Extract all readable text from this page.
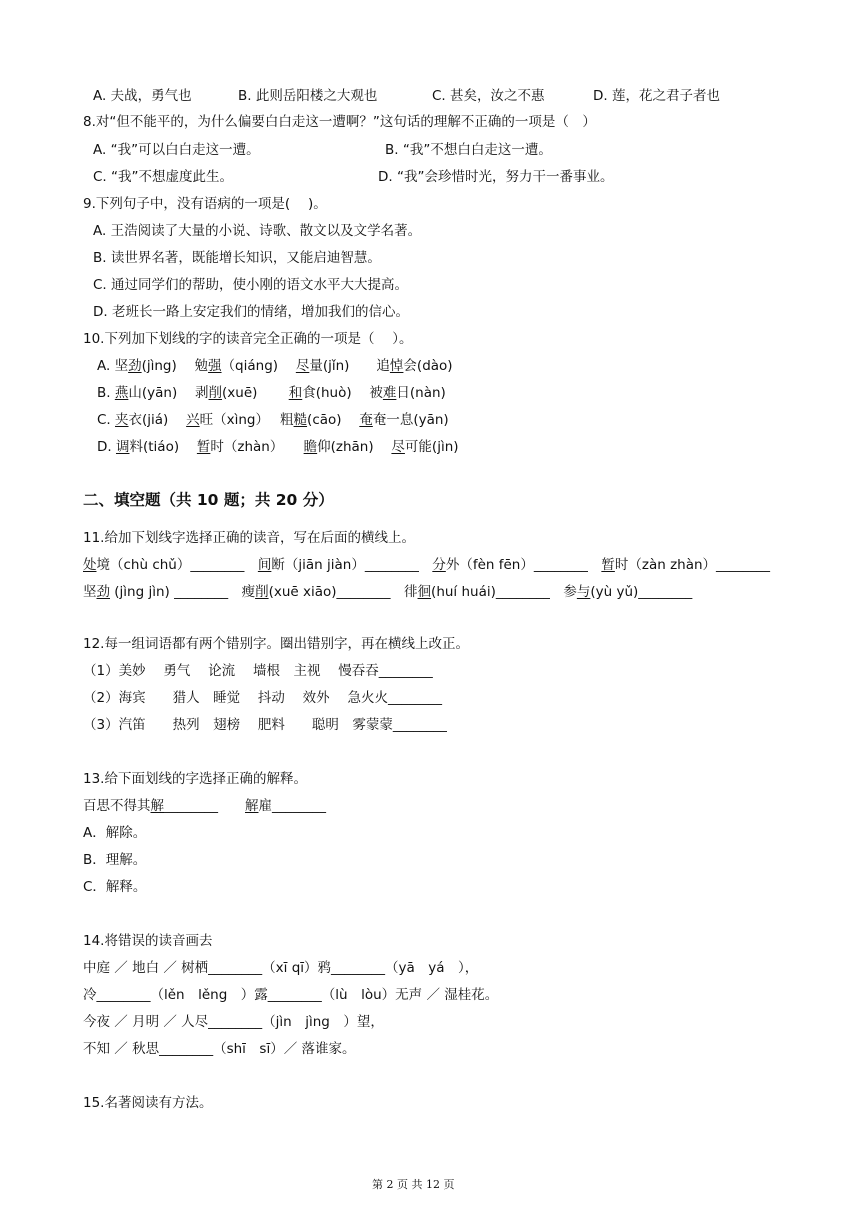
A. 夫战，勇气也	B. 此则岳阳楼之大观也	C. 甚矣，汝之不惠	D. 莲，花之君子者也
8.对“但不能平的，为什么偏要白白走这一遭啊？”这句话的理解不正确的一项是（　）
A. “我”可以白白走这一遭。	B. “我”不想白白走这一遭。
C. “我”不想虚度此生。	D. “我”会珍惜时光，努力干一番事业。
9.下列句子中，没有语病的一项是(　 )。
A. 王浩阅读了大量的小说、诗歌、散文以及文学名著。
B. 读世界名著，既能增长知识，又能启迪智慧。
C. 通过同学们的帮助，使小刚的语文水平大大提高。
D. 老班长一路上安定我们的情绪，增加我们的信心。
10.下列加下划线的字的读音完全正确的一项是（　 ）。
A. 坚劲(jìng)　 勉强（qiáng)　 尽量(jǐn)　　追悼会(dào)
B. 燕山(yān)　 剥削(xuē)　　 和食(huò)　 被难日(nàn)
C. 夹衣(jiá)　 兴旺（xìng）　 粗糙(cāo)　 奄奄一息(yān)
D. 调料(tiáo)　 暂时（zhàn）　　瞻仰(zhān)　 尽可能(jìn)
二、填空题（共 10 题；共 20 分）
11.给加下划线字选择正确的读音，写在后面的横线上。
处境（chù chǔ）________　间断（jiān jiàn）________　分外（fèn fēn）________　暂时（zàn zhàn）________
坚劲 (jìng jìn) ________　瘦削(xuē xiāo)________　徘徊(huí huái)________　参与(yù yǔ)________
12.每一组词语都有两个错别字。圈出错别字，再在横线上改正。
（1）美妙　 勇气　 论流　 墙根　主视　 慢吞吞________
（2）海宾　　猎人　睡觉　 抖动　 效外　 急火火________
（3）汽笛　　热列　翅榜　 肥料　　聪明　雾蒙蒙________
13.给下面划线的字选择正确的解释。
百思不得其解________　　解雇________
A．解除。
B．理解。
C．解释。
14.将错误的读音画去
中庭 ／ 地白 ／ 树栖________（xī qī）鸦________（yā　yá　），
冷________（lěn　lěng　）露________（lù　lòu）无声 ／ 湿桂花。
今夜 ／ 月明 ／ 人尽________（jìn　jìng　）望，
不知 ／ 秋思________（shī　sī）／ 落谁家。
15.名著阅读有方法。
第 2 页 共 12 页
